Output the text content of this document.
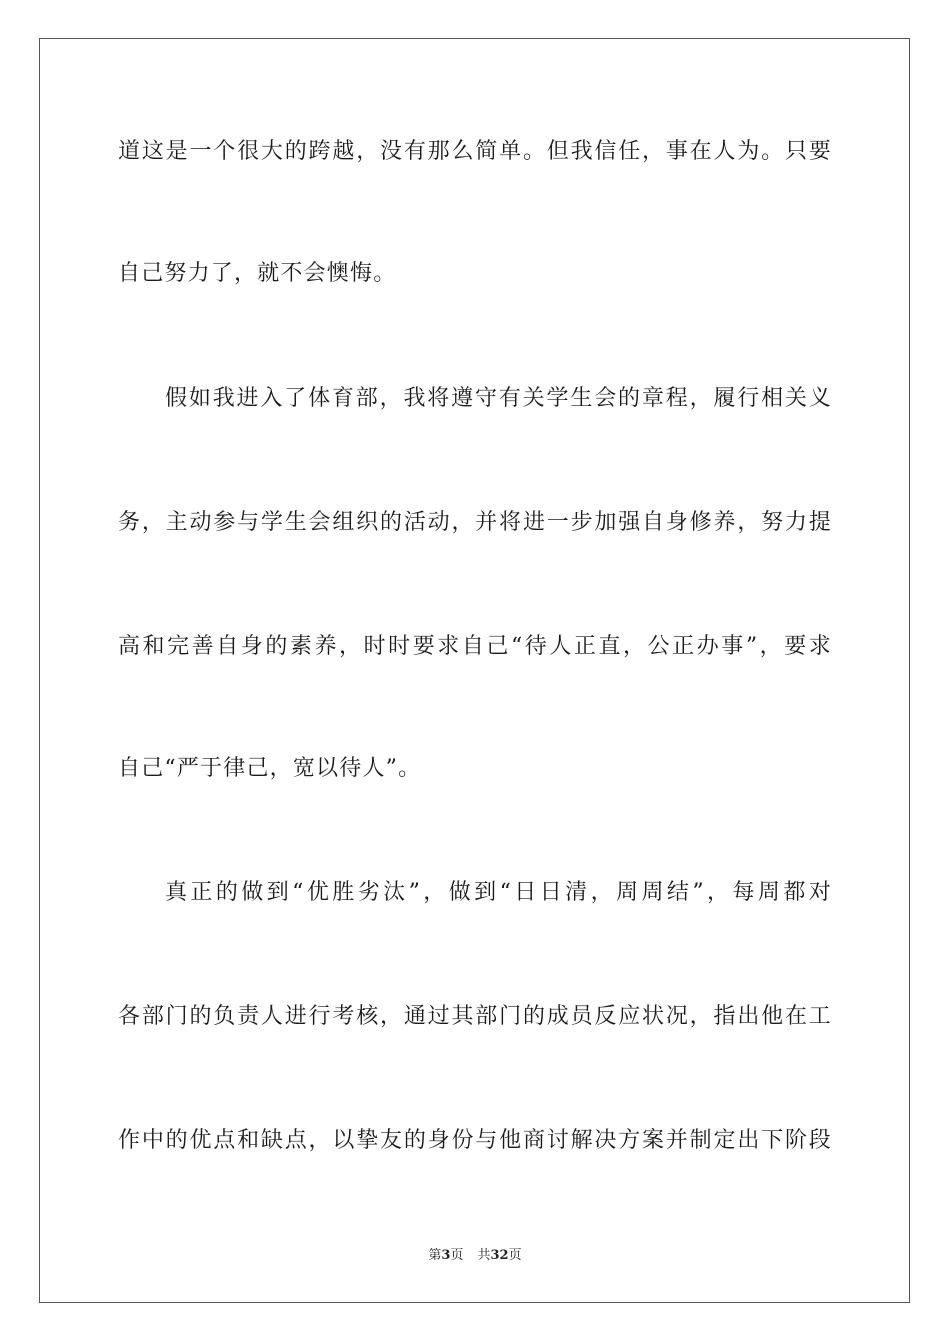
道这是一个很大的跨越，没有那么简单。但我信任，事在人为。只要
自己努力了，就不会懊悔。
假如我进入了体育部，我将遵守有关学生会的章程，履行相关义
务，主动参与学生会组织的活动，并将进一步加强自身修养，努力提
高和完善自身的素养，时时要求自己“待人正直，公正办事”，要求
自己“严于律己，宽以待人”。
真正的做到“优胜劣汰”，做到“日日清，周周结”，每周都对
各部门的负责人进行考核，通过其部门的成员反应状况，指出他在工
作中的优点和缺点，以挚友的身份与他商讨解决方案并制定出下阶段
第3页 共32页
